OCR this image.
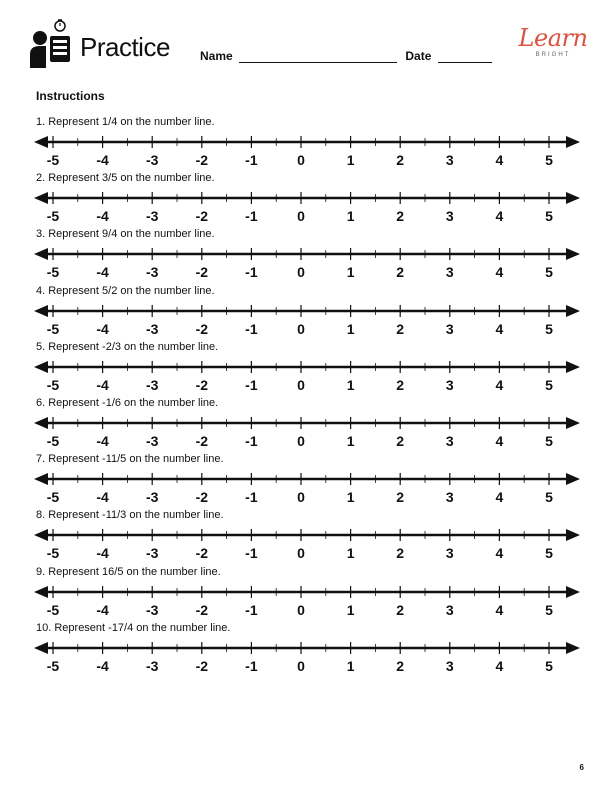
Practice	Name	Date
Learn
BRIGHT
Instructions
1. Represent 1/4 on the number line.
-5	-4	-3	-2	-1	0	1	2	3	4	5
2. Represent 3/5 on the number line.
-5	-4	-3	-2	-1	0	1	2	3	4	5
3. Represent 9/4 on the number line.
-5	-4	-3	-2	-1	0	1	2	3	4	5
4. Represent 5/2 on the number line.
-5	-4	-3	-2	-1	0	1	2	3	4	5
5. Represent -2/3 on the number line.
-5	-4	-3	-2	-1	0	1	2	3	4	5
6. Represent -1/6 on the number line.
-5	-4	-3	-2	-1	0	1	2	3	4	5
7. Represent -11/5 on the number line.
-5	-4	-3	-2	-1	0	1	2	3	4	5
8. Represent -11/3 on the number line.
-5	-4	-3	-2	-1	0	1	2	3	4	5
9. Represent 16/5 on the number line.
-5	-4	-3	-2	-1	0	1	2	3	4	5
10. Represent -17/4 on the number line.
-5	-4	-3	-2	-1	0	1	2	3	4	5
6
